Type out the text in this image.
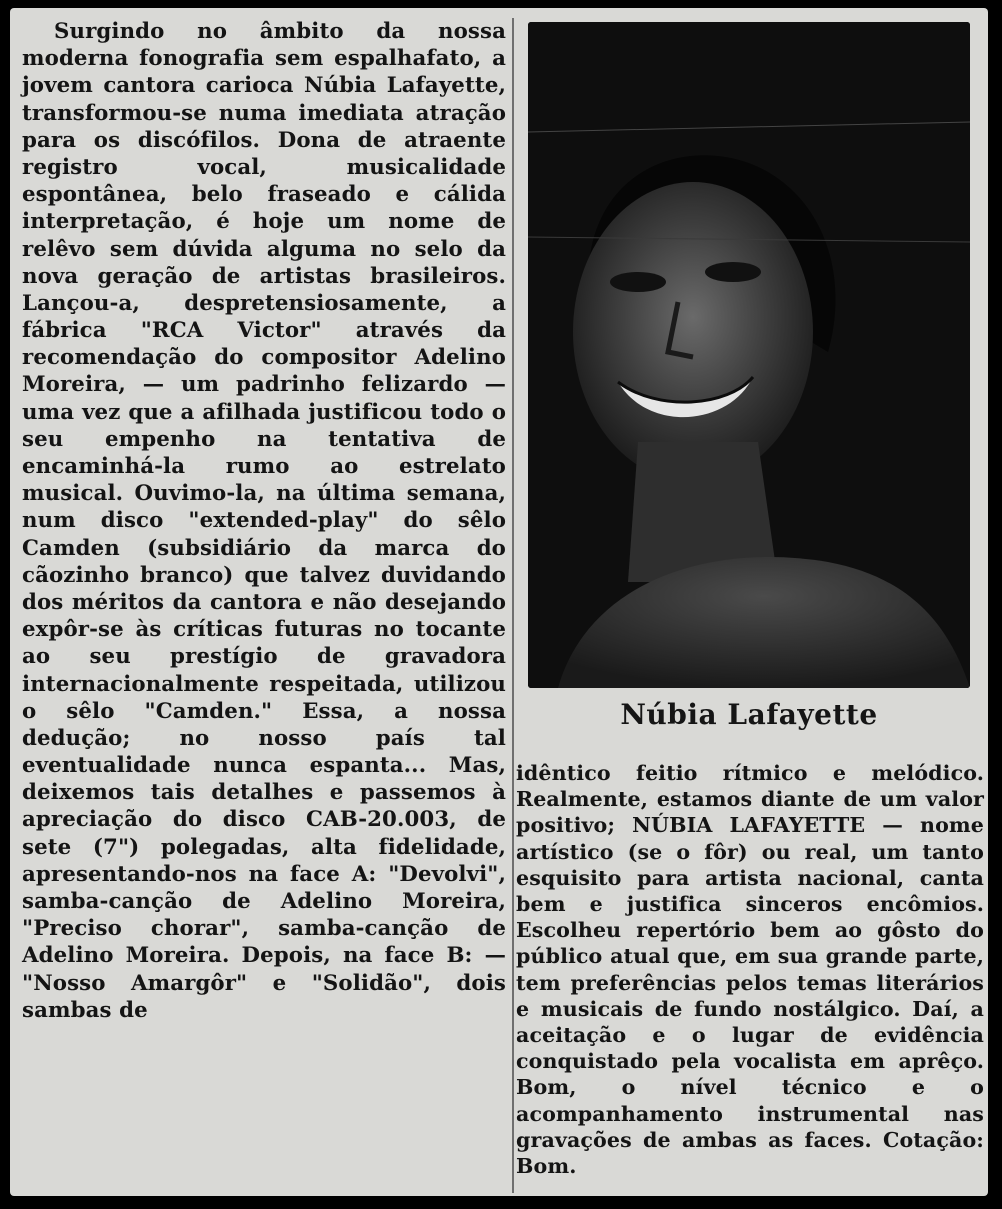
Surgindo no âmbito da nossa moderna fonografia sem espalhafato, a jovem cantora carioca Núbia Lafayette, transformou-se numa imediata atração para os discófilos. Dona de atraente registro vocal, musicalidade espontânea, belo fraseado e cálida interpretação, é hoje um nome de relêvo sem dúvida alguma no selo da nova geração de artistas brasileiros. Lançou-a, despretensiosamente, a fábrica "RCA Victor" através da recomendação do compositor Adelino Moreira, — um padrinho felizardo — uma vez que a afilhada justificou todo o seu empenho na tentativa de encaminhá-la rumo ao estrelato musical. Ouvimo-la, na última semana, num disco "extended-play" do sêlo Camden (subsidiário da marca do cãozinho branco) que talvez duvidando dos méritos da cantora e não desejando expôr-se às críticas futuras no tocante ao seu prestígio de gravadora internacionalmente respeitada, utilizou o sêlo "Camden." Essa, a nossa dedução; no nosso país tal eventualidade nunca espanta... Mas, deixemos tais detalhes e passemos à apreciação do disco CAB-20.003, de sete (7") polegadas, alta fidelidade, apresentando-nos na face A: "Devolvi", samba-canção de Adelino Moreira, "Preciso chorar", samba-canção de Adelino Moreira. Depois, na face B: — "Nosso Amargôr" e "Solidão", dois sambas de

Núbia Lafayette

idêntico feitio rítmico e melódico. Realmente, estamos diante de um valor positivo; NÚBIA LAFAYETTE — nome artístico (se o fôr) ou real, um tanto esquisito para artista nacional, canta bem e justifica sinceros encômios. Escolheu repertório bem ao gôsto do público atual que, em sua grande parte, tem preferências pelos temas literários e musicais de fundo nostálgico. Daí, a aceitação e o lugar de evidência conquistado pela vocalista em aprêço. Bom, o nível técnico e o acompanhamento instrumental nas gravações de ambas as faces. Cotação: Bom.
